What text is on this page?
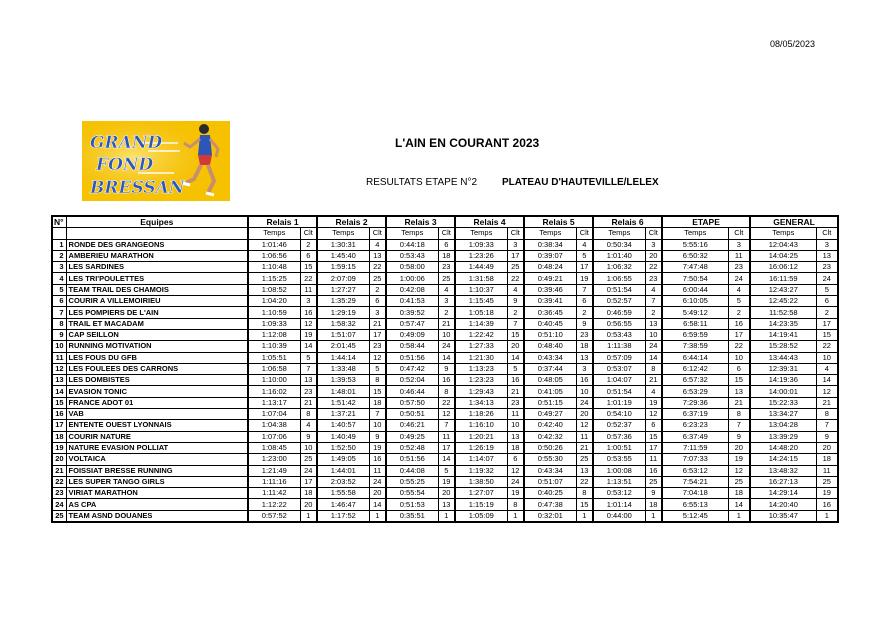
08/05/2023
GRAND
FOND
BRESSAN
L'AIN EN COURANT 2023
RESULTATS ETAPE N°2 PLATEAU D'HAUTEVILLE/LELEX
N°	Equipes	Relais 1		Relais 2		Relais 3		Relais 4		Relais 5		Relais 6		ETAPE		GENERAL	
		Temps	Clt	Temps	Clt	Temps	Clt	Temps	Clt	Temps	Clt	Temps	Clt	Temps	Clt	Temps	Clt
1	RONDE DES GRANGEONS	1:01:46	2	1:30:31	4	0:44:18	6	1:09:33	3	0:38:34	4	0:50:34	3	5:55:16	3	12:04:43	3
2	AMBERIEU MARATHON	1:06:56	6	1:45:40	13	0:53:43	18	1:23:26	17	0:39:07	5	1:01:40	20	6:50:32	11	14:04:25	13
3	LES SARDINES	1:10:48	15	1:59:15	22	0:58:00	23	1:44:49	25	0:48:24	17	1:06:32	22	7:47:48	23	16:06:12	23
4	LES TRI'POULETTES	1:15:25	22	2:07:09	25	1:00:06	25	1:31:58	22	0:49:21	19	1:06:55	23	7:50:54	24	16:11:59	24
5	TEAM TRAIL DES CHAMOIS	1:08:52	11	1:27:27	2	0:42:08	4	1:10:37	4	0:39:46	7	0:51:54	4	6:00:44	4	12:43:27	5
6	COURIR A VILLEMOIRIEU	1:04:20	3	1:35:29	6	0:41:53	3	1:15:45	9	0:39:41	6	0:52:57	7	6:10:05	5	12:45:22	6
7	LES POMPIERS DE L'AIN	1:10:59	16	1:29:19	3	0:39:52	2	1:05:18	2	0:36:45	2	0:46:59	2	5:49:12	2	11:52:58	2
8	TRAIL ET MACADAM	1:09:33	12	1:58:32	21	0:57:47	21	1:14:39	7	0:40:45	9	0:56:55	13	6:58:11	16	14:23:35	17
9	CAP SEILLON	1:12:08	19	1:51:07	17	0:49:09	10	1:22:42	15	0:51:10	23	0:53:43	10	6:59:59	17	14:19:41	15
10	RUNNING MOTIVATION	1:10:39	14	2:01:45	23	0:58:44	24	1:27:33	20	0:48:40	18	1:11:38	24	7:38:59	22	15:28:52	22
11	LES FOUS DU GFB	1:05:51	5	1:44:14	12	0:51:56	14	1:21:30	14	0:43:34	13	0:57:09	14	6:44:14	10	13:44:43	10
12	LES FOULEES DES CARRONS	1:06:58	7	1:33:48	5	0:47:42	9	1:13:23	5	0:37:44	3	0:53:07	8	6:12:42	6	12:39:31	4
13	LES DOMBISTES	1:10:00	13	1:39:53	8	0:52:04	16	1:23:23	16	0:48:05	16	1:04:07	21	6:57:32	15	14:19:36	14
14	EVASION TONIC	1:16:02	23	1:48:01	15	0:46:44	8	1:29:43	21	0:41:05	10	0:51:54	4	6:53:29	13	14:00:01	12
15	FRANCE ADOT 01	1:13:17	21	1:51:42	18	0:57:50	22	1:34:13	23	0:51:15	24	1:01:19	19	7:29:36	21	15:22:33	21
16	VAB	1:07:04	8	1:37:21	7	0:50:51	12	1:18:26	11	0:49:27	20	0:54:10	12	6:37:19	8	13:34:27	8
17	ENTENTE OUEST LYONNAIS	1:04:38	4	1:40:57	10	0:46:21	7	1:16:10	10	0:42:40	12	0:52:37	6	6:23:23	7	13:04:28	7
18	COURIR NATURE	1:07:06	9	1:40:49	9	0:49:25	11	1:20:21	13	0:42:32	11	0:57:36	15	6:37:49	9	13:39:29	9
19	NATURE EVASION POLLIAT	1:08:45	10	1:52:50	19	0:52:48	17	1:26:19	18	0:50:26	21	1:00:51	17	7:11:59	20	14:48:20	20
20	VOLTAICA	1:23:00	25	1:49:05	16	0:51:56	14	1:14:07	6	0:55:30	25	0:53:55	11	7:07:33	19	14:24:15	18
21	FOISSIAT BRESSE RUNNING	1:21:49	24	1:44:01	11	0:44:08	5	1:19:32	12	0:43:34	13	1:00:08	16	6:53:12	12	13:48:32	11
22	LES SUPER TANGO GIRLS	1:11:16	17	2:03:52	24	0:55:25	19	1:38:50	24	0:51:07	22	1:13:51	25	7:54:21	25	16:27:13	25
23	VIRIAT MARATHON	1:11:42	18	1:55:58	20	0:55:54	20	1:27:07	19	0:40:25	8	0:53:12	9	7:04:18	18	14:29:14	19
24	AS CPA	1:12:22	20	1:46:47	14	0:51:53	13	1:15:19	8	0:47:38	15	1:01:14	18	6:55:13	14	14:20:40	16
25	TEAM ASND DOUANES	0:57:52	1	1:17:52	1	0:35:51	1	1:05:09	1	0:32:01	1	0:44:00	1	5:12:45	1	10:35:47	1
